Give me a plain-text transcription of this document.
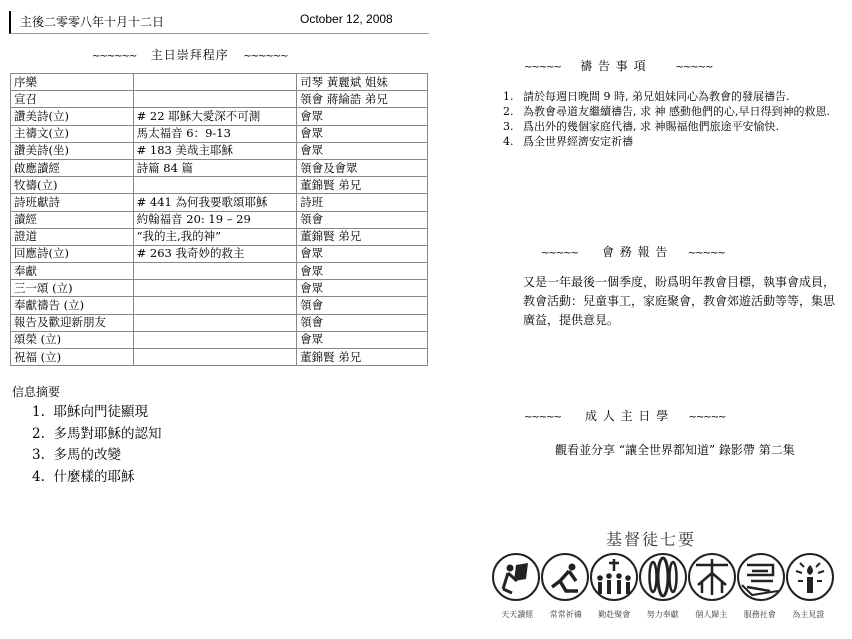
主後二零零八年十月十二日	October 12, 2008
~~~~~~ 主日崇拜程序 ~~~~~~
序樂		司琴 黃麗斌 姐妹
宣召		領會 蔣綸誥 弟兄
讚美詩(立)	# 22 耶穌大愛深不可測	會眾
主禱文(立)	馬太福音 6：9-13	會眾
讚美詩(坐)	# 183 美哉主耶穌	會眾
啟應讀經	詩篇 84 篇	領會及會眾
牧禱(立)		董錦賢 弟兄
詩班獻詩	# 441 為何我要歌頌耶穌	詩班
讀經	約翰福音 20: 19 – 29	領會
證道	“我的主,我的神”	董錦賢 弟兄
回應詩(立)	# 263 我奇妙的救主	會眾
奉獻		會眾
三一頌 (立)		會眾
奉獻禱告 (立)		領會
報告及歡迎新朋友		領會
頌榮 (立)		會眾
祝福 (立)		董錦賢 弟兄
信息摘要
1. 耶穌向門徒顯現
2. 多馬對耶穌的認知
3. 多馬的改變
4. 什麼樣的耶穌
~~~~~ 禱 告 事 項	~~~~~
1. 請於每週日晚間 9 時, 弟兄姐妹同心為教會的發展禱告.
2. 為教會尋道友繼續禱告, 求 神 感動他們的心,早日得到神的救恩.
3. 爲出外的幾個家庭代禱, 求 神賜福他們旅途平安愉快.
4. 爲全世界經濟安定祈禱
~~~~~ 會 務 報 告 ~~~~~
又是一年最後一個季度，盼爲明年教會目標，執事會成員，教會活動：兒童事工，家庭聚會，教會郊遊活動等等，集思廣益，提供意見。
~~~~~ 成 人 主 日 學 ~~~~~
觀看並分享 “讓全世界都知道” 錄影帶 第二集
基督徒七要
天天讀經	常常祈禱	勤赴聚會	努力奉獻	個人歸主	服務社會	為主見證
